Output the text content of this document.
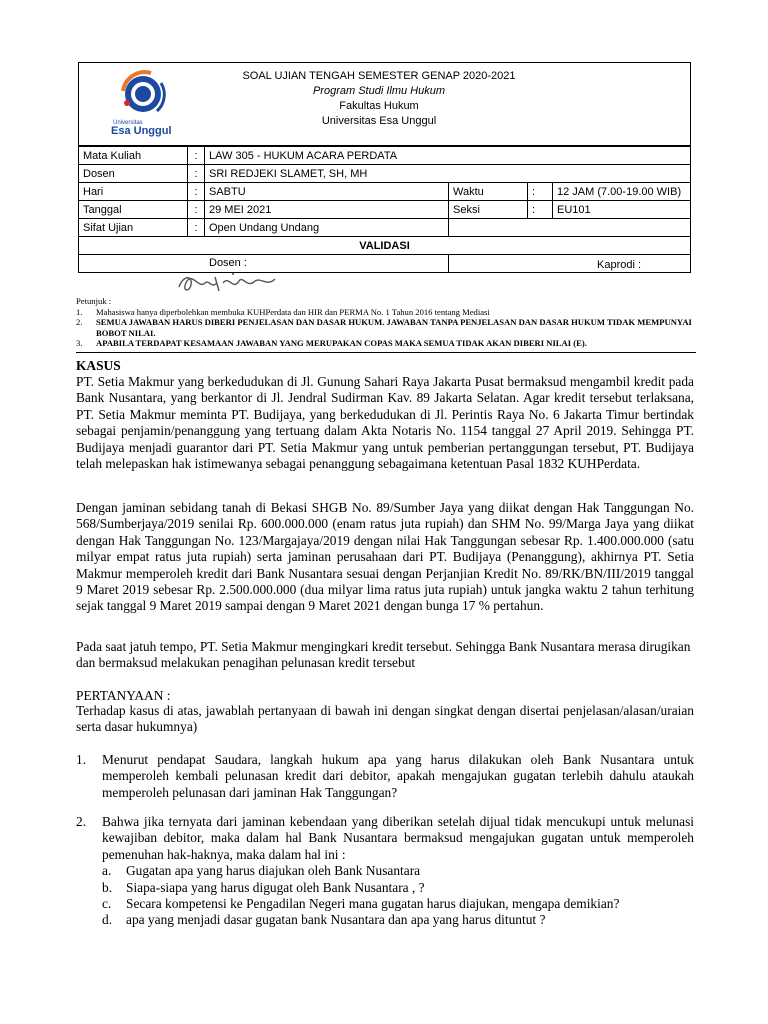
Universitas
Esa Unggul
SOAL UJIAN TENGAH SEMESTER GENAP 2020-2021
Program Studi Ilmu Hukum
Fakultas Hukum
Universitas Esa Unggul
Mata Kuliah	:	LAW 305 - HUKUM ACARA PERDATA			
Dosen	:	SRI REDJEKI SLAMET, SH, MH			
Hari	:	SABTU	Waktu	:	12 JAM (7.00-19.00 WIB)
Tanggal	:	29 MEI 2021	Seksi	:	EU101
Sifat Ujian	:	Open Undang Undang			
VALIDASI					

Dosen :			Kaprodi :		
Petunjuk :
1.	Mahasiswa hanya diperbolehkan membuka KUHPerdata dan HIR dan PERMA No. 1 Tahun 2016 tentang Mediasi
2.	SEMUA JAWABAN HARUS DIBERI PENJELASAN DAN DASAR HUKUM. JAWABAN TANPA PENJELASAN DAN DASAR HUKUM TIDAK MEMPUNYAI BOBOT NILAI.
3.	APABILA TERDAPAT KESAMAAN JAWABAN YANG MERUPAKAN COPAS MAKA SEMUA TIDAK AKAN DIBERI NILAI (E).
KASUS
PT. Setia Makmur yang berkedudukan di Jl. Gunung Sahari Raya Jakarta Pusat bermaksud mengambil kredit pada Bank Nusantara, yang berkantor di Jl. Jendral Sudirman Kav. 89 Jakarta Selatan. Agar kredit tersebut terlaksana, PT. Setia Makmur meminta PT. Budijaya, yang berkedudukan di Jl. Perintis Raya No. 6 Jakarta Timur bertindak sebagai penjamin/penanggung yang tertuang dalam Akta Notaris No. 1154 tanggal 27 April 2019. Sehingga PT. Budijaya menjadi guarantor dari PT. Setia Makmur yang untuk pemberian pertanggungan tersebut, PT. Budijaya telah melepaskan hak istimewanya sebagai penanggung sebagaimana ketentuan Pasal 1832 KUHPerdata.
Dengan jaminan sebidang tanah di Bekasi SHGB No. 89/Sumber Jaya yang diikat dengan Hak Tanggungan No. 568/Sumberjaya/2019 senilai Rp. 600.000.000 (enam ratus juta rupiah) dan SHM No. 99/Marga Jaya yang diikat dengan Hak Tanggungan No. 123/Margajaya/2019 dengan nilai Hak Tanggungan sebesar Rp. 1.400.000.000 (satu milyar empat ratus juta rupiah) serta jaminan perusahaan dari PT. Budijaya (Penanggung), akhirnya PT. Setia Makmur memperoleh kredit dari Bank Nusantara sesuai dengan Perjanjian Kredit No. 89/RK/BN/III/2019 tanggal 9 Maret 2019 sebesar Rp. 2.500.000.000 (dua milyar lima ratus juta rupiah) untuk jangka waktu 2 tahun terhitung sejak tanggal 9 Maret 2019 sampai dengan 9 Maret 2021 dengan bunga 17 % pertahun.
Pada saat jatuh tempo, PT. Setia Makmur mengingkari kredit tersebut. Sehingga Bank Nusantara merasa dirugikan dan bermaksud melakukan penagihan pelunasan kredit tersebut
PERTANYAAN :
Terhadap kasus di atas, jawablah pertanyaan di bawah ini dengan singkat dengan disertai penjelasan/alasan/uraian serta dasar hukumnya)
1.	Menurut pendapat Saudara, langkah hukum apa yang harus dilakukan oleh Bank Nusantara untuk memperoleh kembali pelunasan kredit dari debitor, apakah mengajukan gugatan terlebih dahulu ataukah memperoleh pelunasan dari jaminan Hak Tanggungan?
2.	Bahwa jika ternyata dari jaminan kebendaan yang diberikan setelah dijual tidak mencukupi untuk melunasi kewajiban debitor, maka dalam hal Bank Nusantara bermaksud mengajukan gugatan untuk memperoleh pemenuhan hak-haknya, maka dalam hal ini :
a.	Gugatan apa yang harus diajukan oleh Bank Nusantara
b.	Siapa-siapa yang harus digugat oleh Bank Nusantara , ?
c.	Secara kompetensi ke Pengadilan Negeri mana gugatan harus diajukan, mengapa demikian?
d.	apa yang menjadi dasar gugatan bank Nusantara dan apa yang harus dituntut ?
